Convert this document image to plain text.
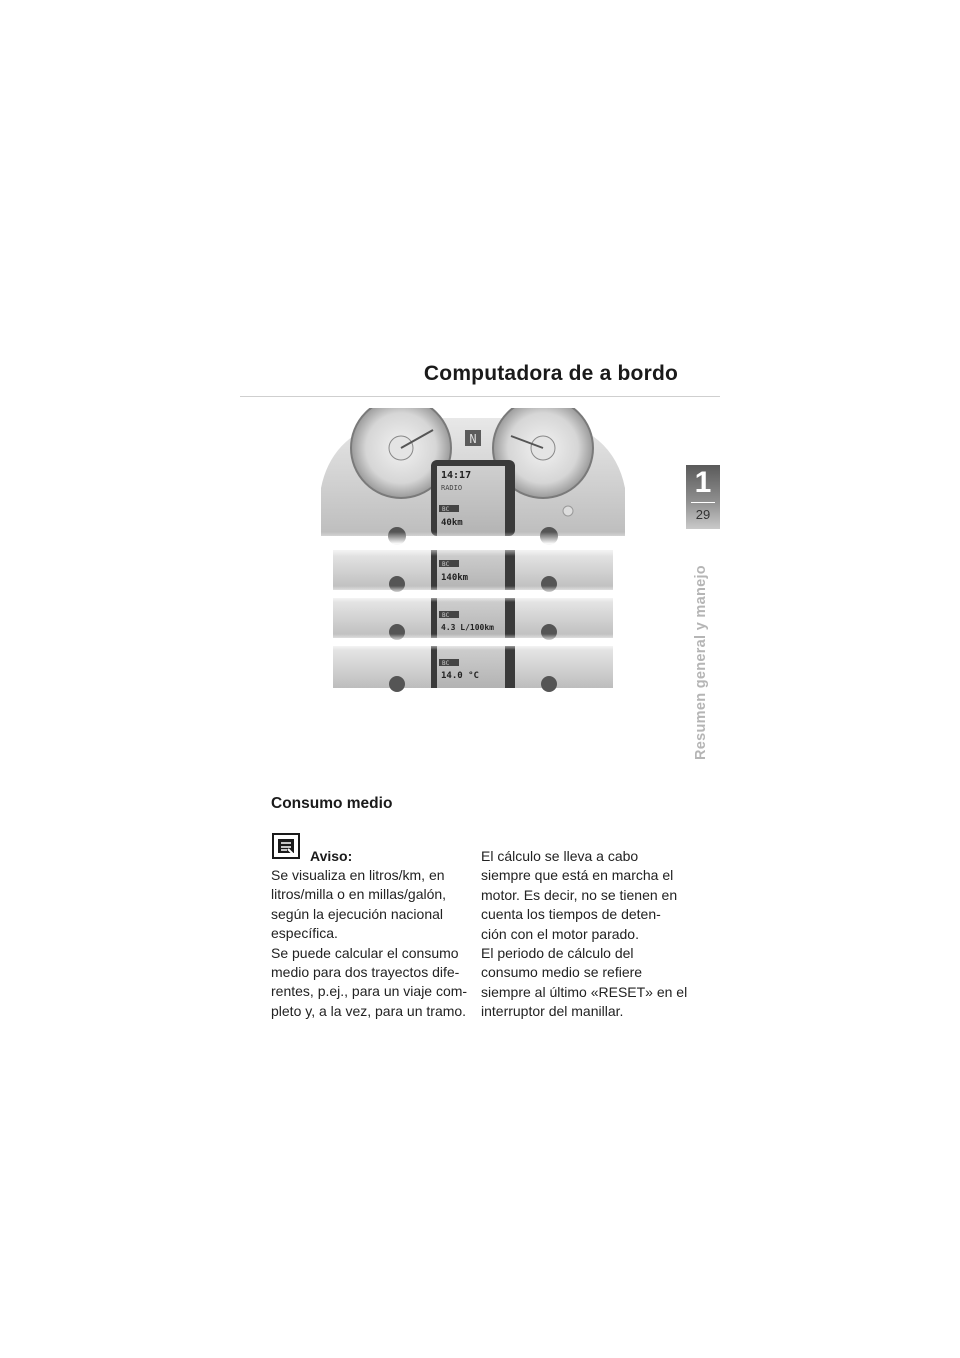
Computadora de a bordo
1
29
Resumen general y manejo
N
14:17
RADIO
BC
40km
BC
140km
BC
4.3 L/100km
BC
14.0 °C
Consumo medio
Aviso:

Se visualiza en litros/km, en

litros/milla o en millas/galón,

según la ejecución nacional

específica.

Se puede calcular el consumo

medio para dos trayectos dife-

rentes, p.ej., para un viaje com-

pleto y, a la vez, para un tramo.

El cálculo se lleva a cabo

siempre que está en marcha el

motor. Es decir, no se tienen en

cuenta los tiempos de deten-

ción con el motor parado.

El periodo de cálculo del

consumo medio se refiere

siempre al último «RESET» en el

interruptor del manillar.
